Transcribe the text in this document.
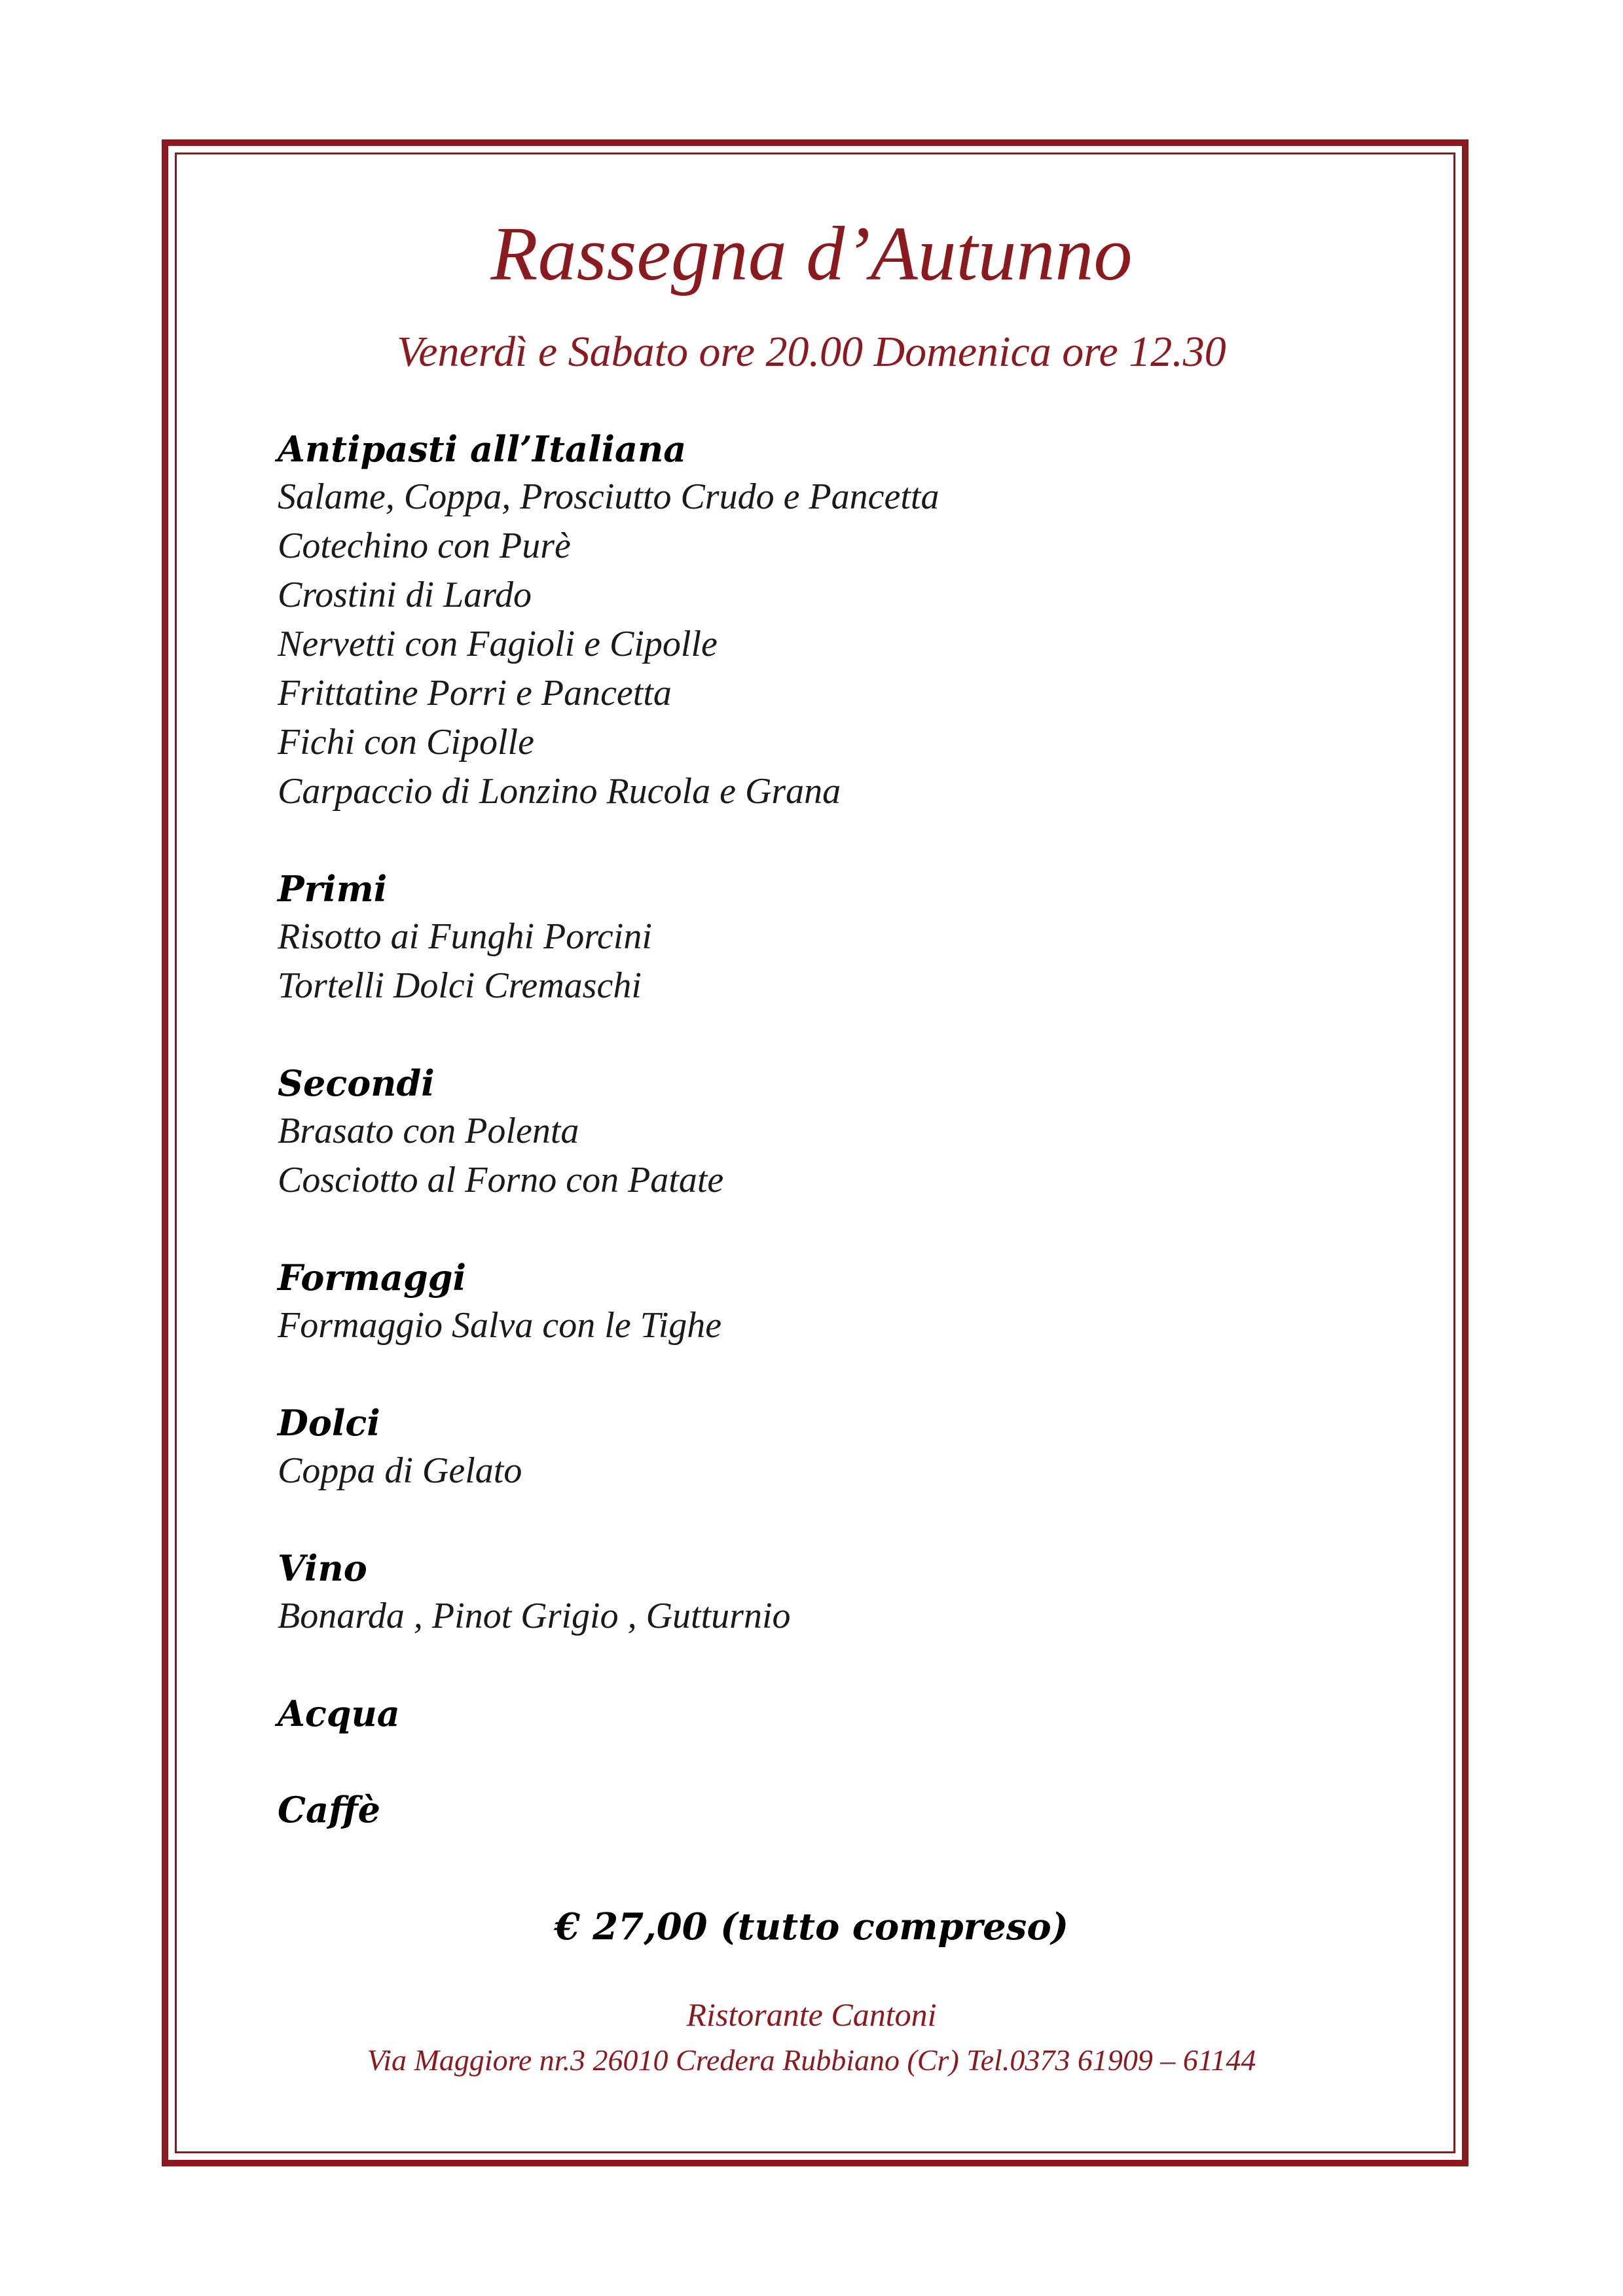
Rassegna d’Autunno
Venerdì e Sabato ore 20.00 Domenica ore 12.30
Antipasti all’Italiana
Salame, Coppa, Prosciutto Crudo e Pancetta
Cotechino con Purè
Crostini di Lardo
Nervetti con Fagioli e Cipolle
Frittatine Porri e Pancetta
Fichi con Cipolle
Carpaccio di Lonzino Rucola e Grana
Primi
Risotto ai Funghi Porcini
Tortelli Dolci Cremaschi
Secondi
Brasato con Polenta
Cosciotto al Forno con Patate
Formaggi
Formaggio Salva con le Tighe
Dolci
Coppa di Gelato
Vino
Bonarda , Pinot Grigio , Gutturnio
Acqua
Caffè
€ 27,00 (tutto compreso)
Ristorante Cantoni
Via Maggiore nr.3 26010 Credera Rubbiano (Cr) Tel.0373 61909 – 61144
